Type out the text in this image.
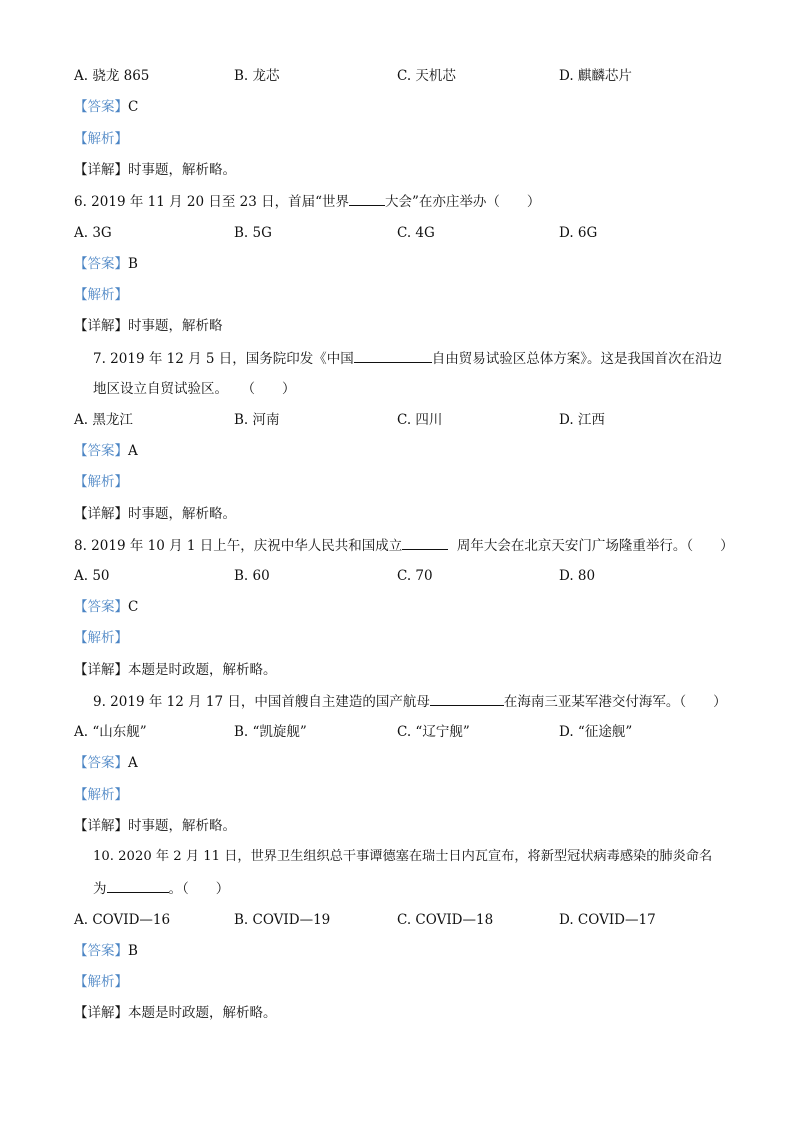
A. 骁龙 865	B. 龙芯	C. 天机芯	D. 麒麟芯片
【答案】C
【解析】
【详解】时事题，解析略。
6. 2019 年 11 月 20 日至 23 日，首届“世界	大会”在亦庄举办（　　）
A. 3G	B. 5G	C. 4G	D. 6G
【答案】B
【解析】
【详解】时事题，解析略
7. 2019 年 12 月 5 日，国务院印发《中国	自由贸易试验区总体方案》。这是我国首次在沿边
地区设立自贸试验区。　　（　　）
A. 黑龙江	B. 河南	C. 四川	D. 江西
【答案】A
【解析】
【详解】时事题，解析略。
8. 2019 年 10 月 1 日上午，庆祝中华人民共和国成立	周年大会在北京天安门广场隆重举行。（　　）
A. 50	B. 60	C. 70	D. 80
【答案】C
【解析】
【详解】本题是时政题，解析略。
9. 2019 年 12 月 17 日，中国首艘自主建造的国产航母	在海南三亚某军港交付海军。（　　）
A. “山东舰”	B. “凯旋舰”	C. “辽宁舰”	D. “征途舰”
【答案】A
【解析】
【详解】时事题，解析略。
10. 2020 年 2 月 11 日，世界卫生组织总干事谭德塞在瑞士日内瓦宣布，将新型冠状病毒感染的肺炎命名
为	。（　　）
A. COVID—16	B. COVID—19	C. COVID—18	D. COVID—17
【答案】B
【解析】
【详解】本题是时政题，解析略。
